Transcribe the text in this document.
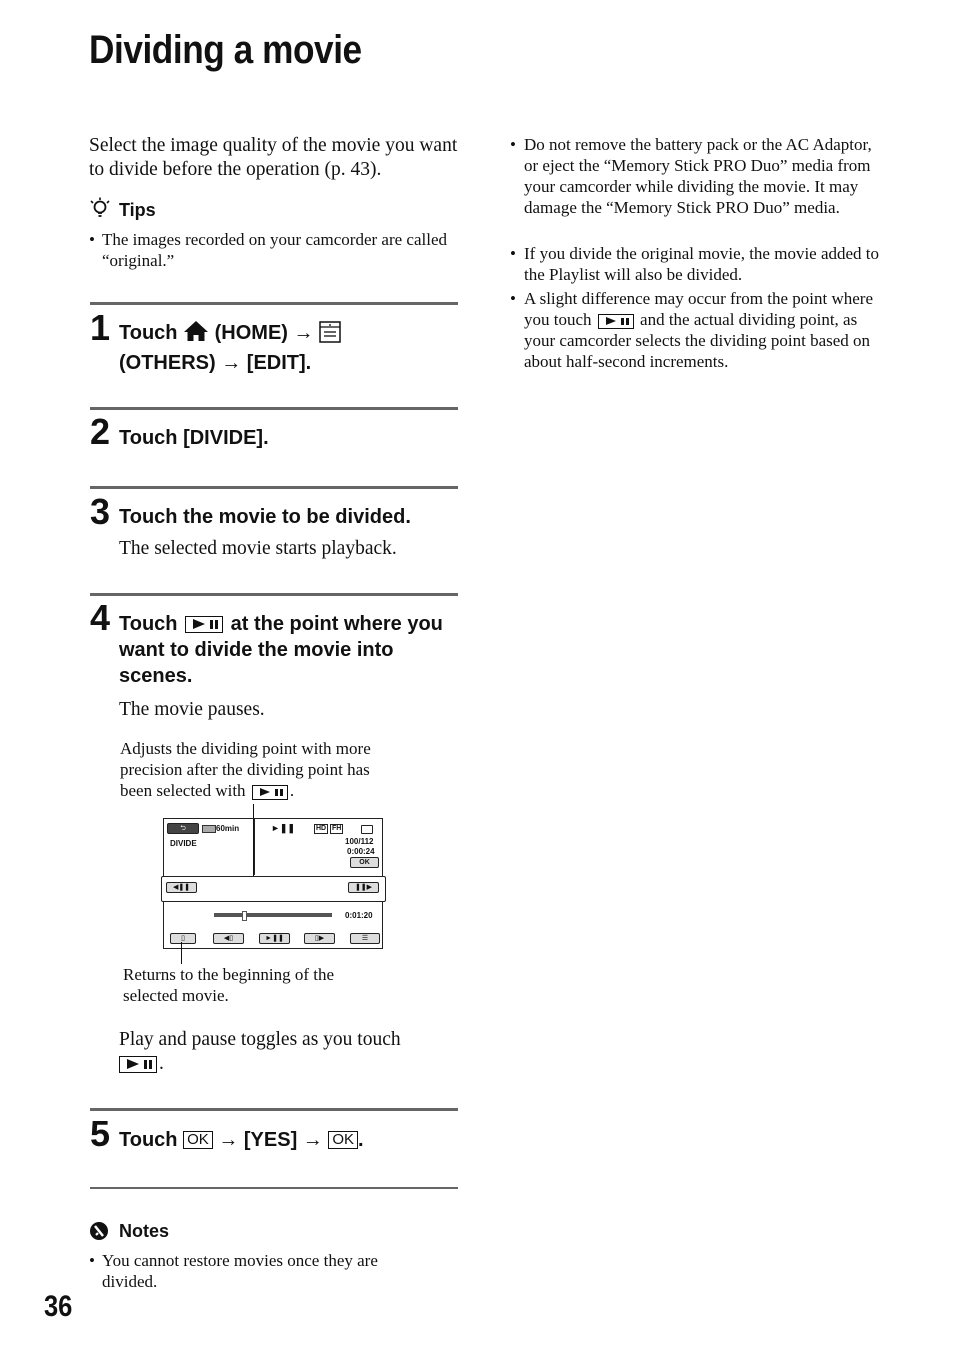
Dividing a movie
Select the image quality of the movie you want to divide before the operation (p. 43).
Tips
• The images recorded on your camcorder are called “original.”
1 Touch (HOME) →
(OTHERS) → [EDIT].
2 Touch [DIVIDE].
3 Touch the movie to be divided.
The selected movie starts playback.
4 Touch	at the point where you
want to divide the movie into
scenes.
The movie pauses.
Adjusts the dividing point with more
precision after the dividing point has
been selected with	.
⮌	60min
DIVIDE
►❚❚	HD FH
100/112
0:00:24
OK
◀❚❚	❚❚▶
0:01:20
▯	◀▯	►❚❚	▯▶	☰
Returns to the beginning of the
selected movie.
Play and pause toggles as you touch
.
5 Touch OK → [YES] → OK .
Notes
• You cannot restore movies once they are divided.
36
• Do not remove the battery pack or the AC Adaptor, or eject the “Memory Stick PRO Duo” media from your camcorder while dividing the movie. It may damage the “Memory Stick PRO Duo” media.
• If you divide the original movie, the movie added to the Playlist will also be divided.
• A slight difference may occur from the point where you touch	and the actual dividing point, as your camcorder selects the dividing point based on about half-second increments.
